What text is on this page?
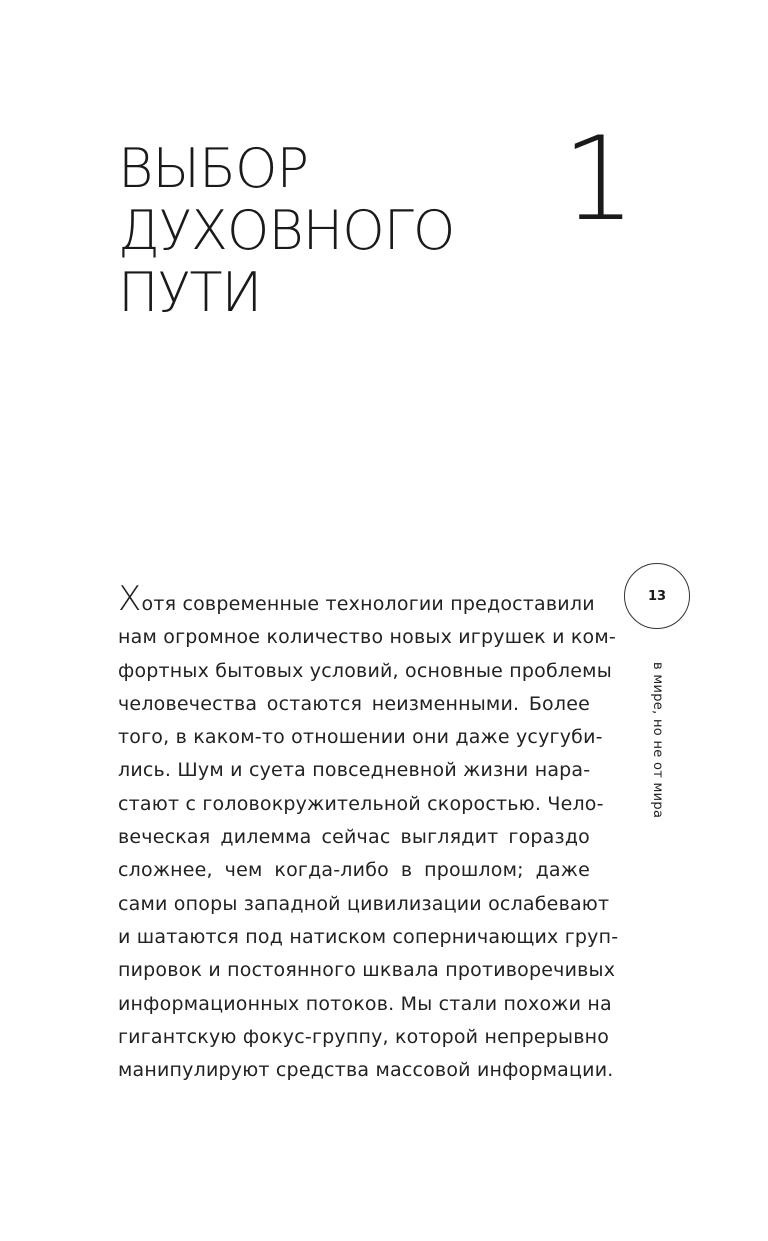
ВЫБОР
ДУХОВНОГО
ПУТИ
1
13
в мире, но не от мира

Хотя современные технологии предоставили
нам огромное количество новых игрушек и ком-
фортных бытовых условий, основные проблемы
человечества остаются неизменными. Более
того, в каком-то отношении они даже усугуби-
лись. Шум и суета повседневной жизни нара-
стают с головокружительной скоростью. Чело-
веческая дилемма сейчас выглядит гораздо
сложнее, чем когда-либо в прошлом; даже
сами опоры западной цивилизации ослабевают
и шатаются под натиском соперничающих груп-
пировок и постоянного шквала противоречивых
информационных потоков. Мы стали похожи на
гигантскую фокус-группу, которой непрерывно
манипулируют средства массовой информации.
